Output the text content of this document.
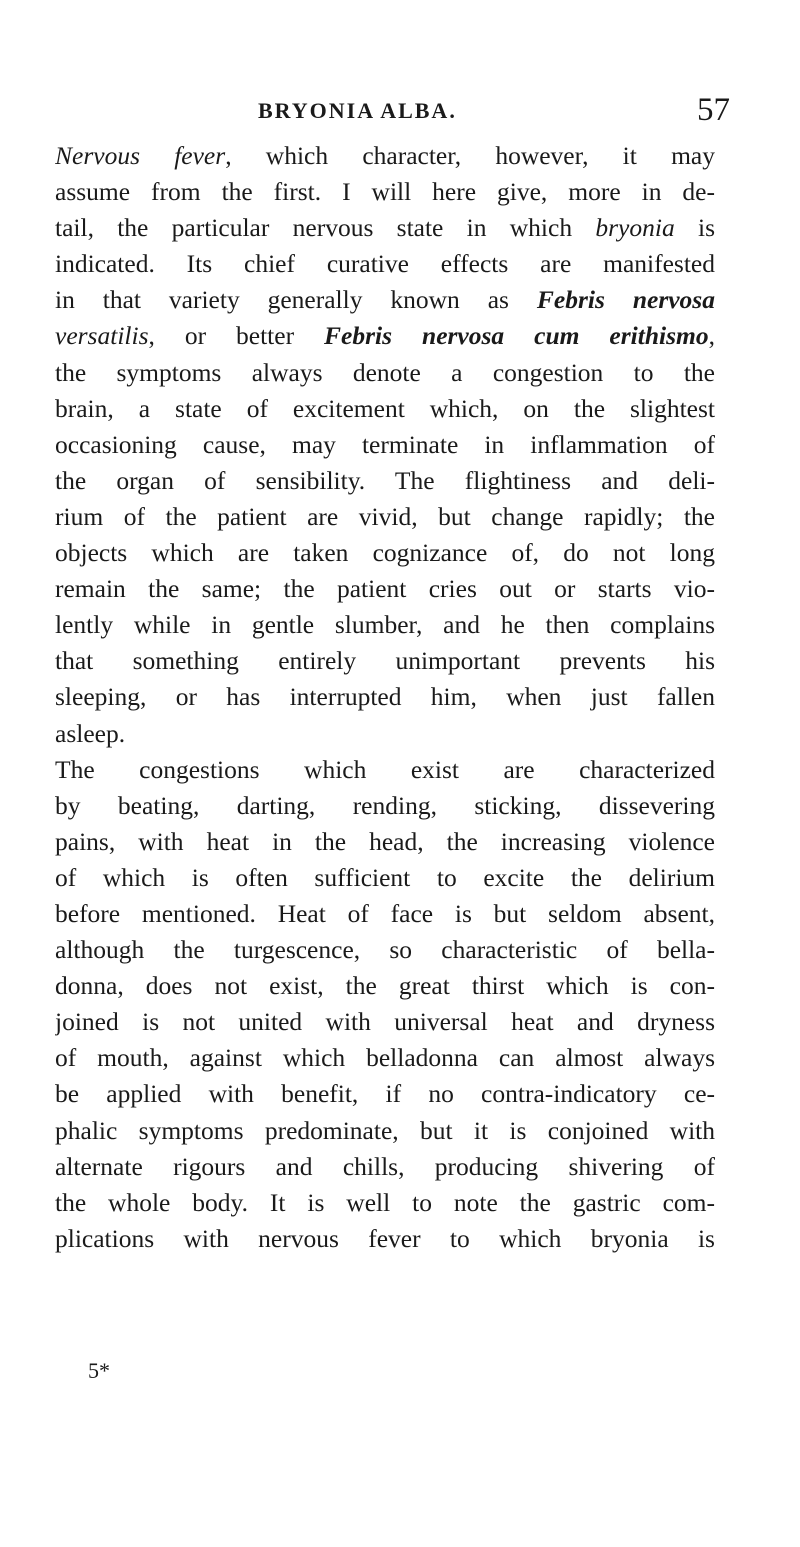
BRYONIA ALBA.	57
Nervous fever, which character, however, it may
assume from the first. I will here give, more in de-
tail, the particular nervous state in which bryonia is
indicated. Its chief curative effects are manifested
in that variety generally known as Febris nervosa
versatilis, or better Febris nervosa cum erithismo,
the symptoms always denote a congestion to the
brain, a state of excitement which, on the slightest
occasioning cause, may terminate in inflammation of
the organ of sensibility. The flightiness and deli-
rium of the patient are vivid, but change rapidly; the
objects which are taken cognizance of, do not long
remain the same; the patient cries out or starts vio-
lently while in gentle slumber, and he then complains
that something entirely unimportant prevents his
sleeping, or has interrupted him, when just fallen
asleep.
The congestions which exist are characterized
by beating, darting, rending, sticking, dissevering
pains, with heat in the head, the increasing violence
of which is often sufficient to excite the delirium
before mentioned. Heat of face is but seldom absent,
although the turgescence, so characteristic of bella-
donna, does not exist, the great thirst which is con-
joined is not united with universal heat and dryness
of mouth, against which belladonna can almost always
be applied with benefit, if no contra-indicatory ce-
phalic symptoms predominate, but it is conjoined with
alternate rigours and chills, producing shivering of
the whole body. It is well to note the gastric com-
plications with nervous fever to which bryonia is
5*
